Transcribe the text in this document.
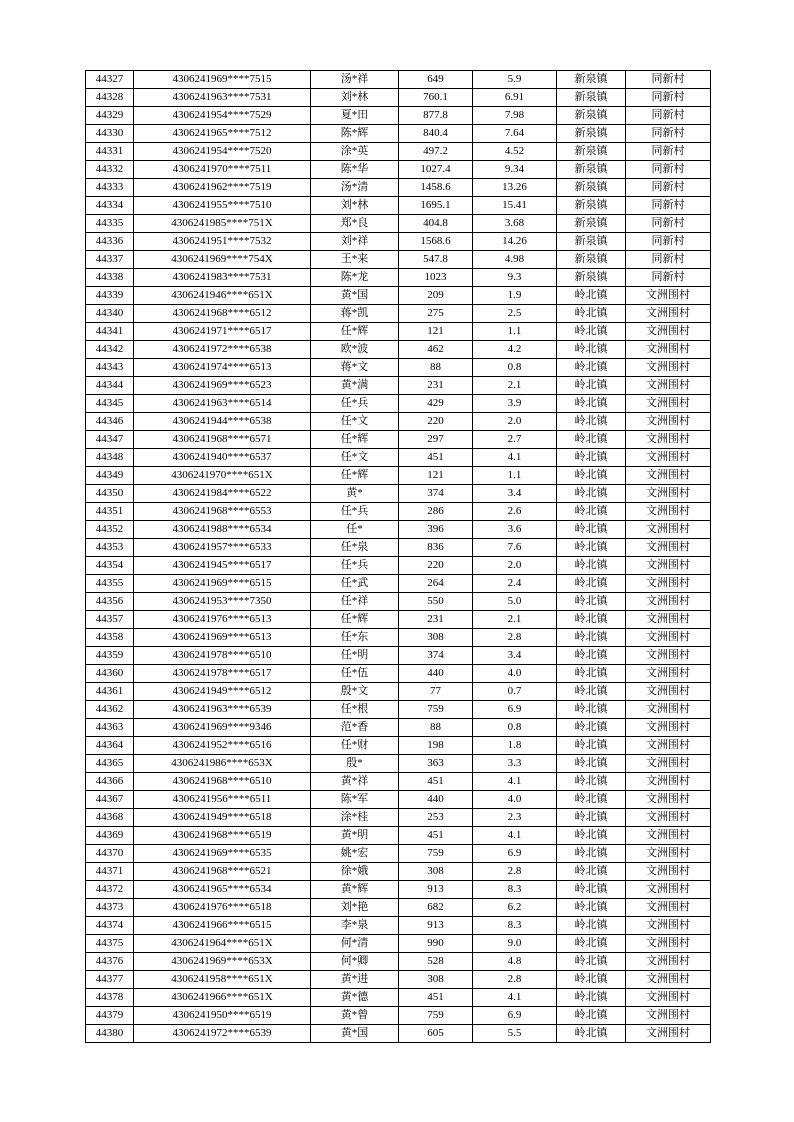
44327	4306241969****7515	汤*祥	649	5.9	新泉镇	同新村
44328	4306241963****7531	刘*林	760.1	6.91	新泉镇	同新村
44329	4306241954****7529	夏*田	877.8	7.98	新泉镇	同新村
44330	4306241965****7512	陈*辉	840.4	7.64	新泉镇	同新村
44331	4306241954****7520	涂*英	497.2	4.52	新泉镇	同新村
44332	4306241970****7511	陈*华	1027.4	9.34	新泉镇	同新村
44333	4306241962****7519	汤*清	1458.6	13.26	新泉镇	同新村
44334	4306241955****7510	刘*林	1695.1	15.41	新泉镇	同新村
44335	4306241985****751X	郑*良	404.8	3.68	新泉镇	同新村
44336	4306241951****7532	刘*祥	1568.6	14.26	新泉镇	同新村
44337	4306241969****754X	王*来	547.8	4.98	新泉镇	同新村
44338	4306241983****7531	陈*龙	1023	9.3	新泉镇	同新村
44339	4306241946****651X	黄*国	209	1.9	岭北镇	文洲围村
44340	4306241968****6512	蒋*凯	275	2.5	岭北镇	文洲围村
44341	4306241971****6517	任*辉	121	1.1	岭北镇	文洲围村
44342	4306241972****6538	欧*波	462	4.2	岭北镇	文洲围村
44343	4306241974****6513	蒋*文	88	0.8	岭北镇	文洲围村
44344	4306241969****6523	黄*满	231	2.1	岭北镇	文洲围村
44345	4306241963****6514	任*兵	429	3.9	岭北镇	文洲围村
44346	4306241944****6538	任*文	220	2.0	岭北镇	文洲围村
44347	4306241968****6571	任*辉	297	2.7	岭北镇	文洲围村
44348	4306241940****6537	任*文	451	4.1	岭北镇	文洲围村
44349	4306241970****651X	任*辉	121	1.1	岭北镇	文洲围村
44350	4306241984****6522	黄*	374	3.4	岭北镇	文洲围村
44351	4306241968****6553	任*兵	286	2.6	岭北镇	文洲围村
44352	4306241988****6534	任*	396	3.6	岭北镇	文洲围村
44353	4306241957****6533	任*泉	836	7.6	岭北镇	文洲围村
44354	4306241945****6517	任*兵	220	2.0	岭北镇	文洲围村
44355	4306241969****6515	任*武	264	2.4	岭北镇	文洲围村
44356	4306241953****7350	任*祥	550	5.0	岭北镇	文洲围村
44357	4306241976****6513	任*辉	231	2.1	岭北镇	文洲围村
44358	4306241969****6513	任*东	308	2.8	岭北镇	文洲围村
44359	4306241978****6510	任*明	374	3.4	岭北镇	文洲围村
44360	4306241978****6517	任*伍	440	4.0	岭北镇	文洲围村
44361	4306241949****6512	殷*文	77	0.7	岭北镇	文洲围村
44362	4306241963****6539	任*根	759	6.9	岭北镇	文洲围村
44363	4306241969****9346	范*香	88	0.8	岭北镇	文洲围村
44364	4306241952****6516	任*财	198	1.8	岭北镇	文洲围村
44365	4306241986****653X	殷*	363	3.3	岭北镇	文洲围村
44366	4306241968****6510	黄*祥	451	4.1	岭北镇	文洲围村
44367	4306241956****6511	陈*军	440	4.0	岭北镇	文洲围村
44368	4306241949****6518	涂*桂	253	2.3	岭北镇	文洲围村
44369	4306241968****6519	黄*明	451	4.1	岭北镇	文洲围村
44370	4306241969****6535	姚*宏	759	6.9	岭北镇	文洲围村
44371	4306241968****6521	徐*娥	308	2.8	岭北镇	文洲围村
44372	4306241965****6534	黄*辉	913	8.3	岭北镇	文洲围村
44373	4306241976****6518	刘*艳	682	6.2	岭北镇	文洲围村
44374	4306241966****6515	李*泉	913	8.3	岭北镇	文洲围村
44375	4306241964****651X	何*清	990	9.0	岭北镇	文洲围村
44376	4306241969****653X	何*卿	528	4.8	岭北镇	文洲围村
44377	4306241958****651X	黄*进	308	2.8	岭北镇	文洲围村
44378	4306241966****651X	黄*德	451	4.1	岭北镇	文洲围村
44379	4306241950****6519	黄*曾	759	6.9	岭北镇	文洲围村
44380	4306241972****6539	黄*国	605	5.5	岭北镇	文洲围村
